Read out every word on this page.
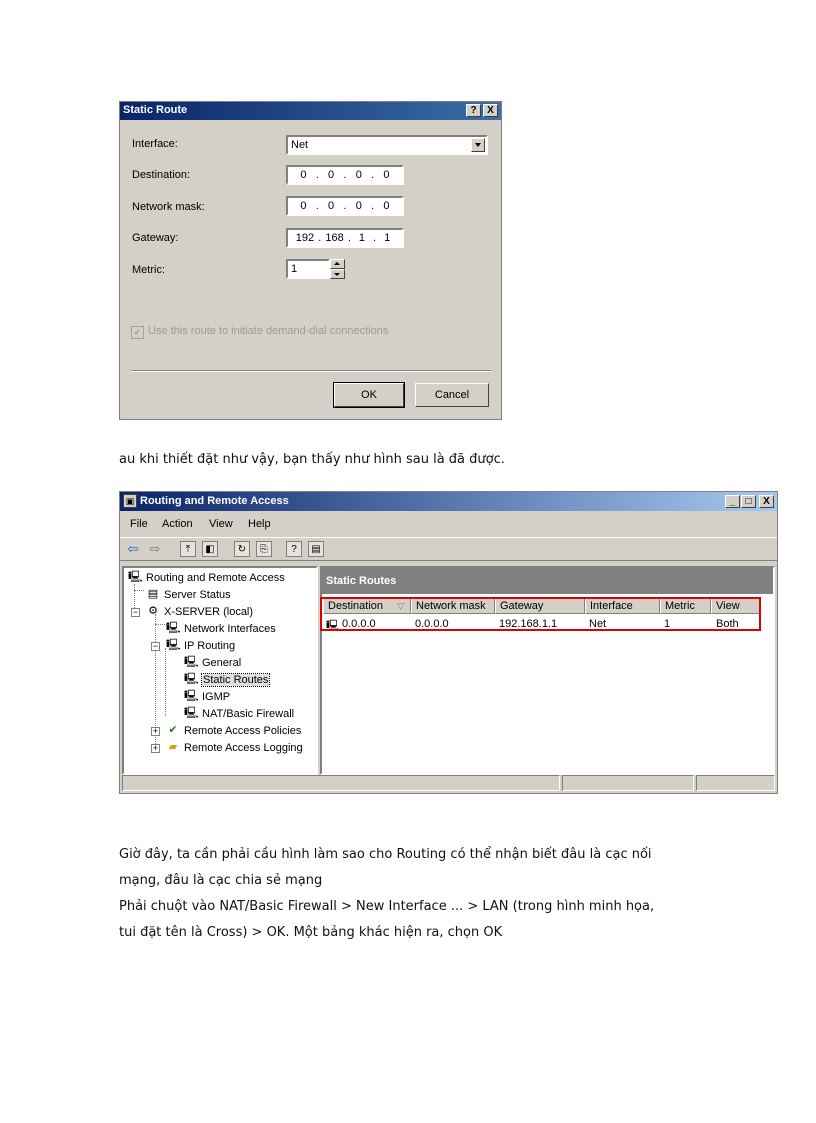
Static Route	?	X
Interface:	Net
Destination:	0 . 0 . 0 . 0
Network mask:	0 . 0 . 0 . 0
Gateway:	192 . 168 . 1 . 1
Metric:	1
✓ Use this route to initiate demand-dial connections
OK	Cancel
au khi thiết đặt như vậy, bạn thấy như hình sau là đã được.
▣ Routing and Remote Access	_	□	X
File Action View Help
⇦ ⇨	⤒	◧	↻	⎘	?	▤
🖳 Routing and Remote Access
▤ Server Status
− ⚙ X-SERVER (local)
🖳 Network Interfaces
− 🖳 IP Routing
🖳 General
🖳 Static Routes
🖳 IGMP
🖳 NAT/Basic Firewall
+ ✔ Remote Access Policies
+ ▰ Remote Access Logging
Static Routes
Destination ▽	Network mask	Gateway	Interface	Metric	View
🖳 0.0.0.0	0.0.0.0	192.168.1.1	Net	1	Both
Giờ đây, ta cần phải cầu hình làm sao cho Routing có thể nhận biết đâu là cạc nối
mạng, đâu là cạc chia sẻ mạng
Phải chuột vào NAT/Basic Firewall > New Interface ... > LAN (trong hình minh họa,
tui đặt tên là Cross) > OK. Một bảng khác hiện ra, chọn OK
